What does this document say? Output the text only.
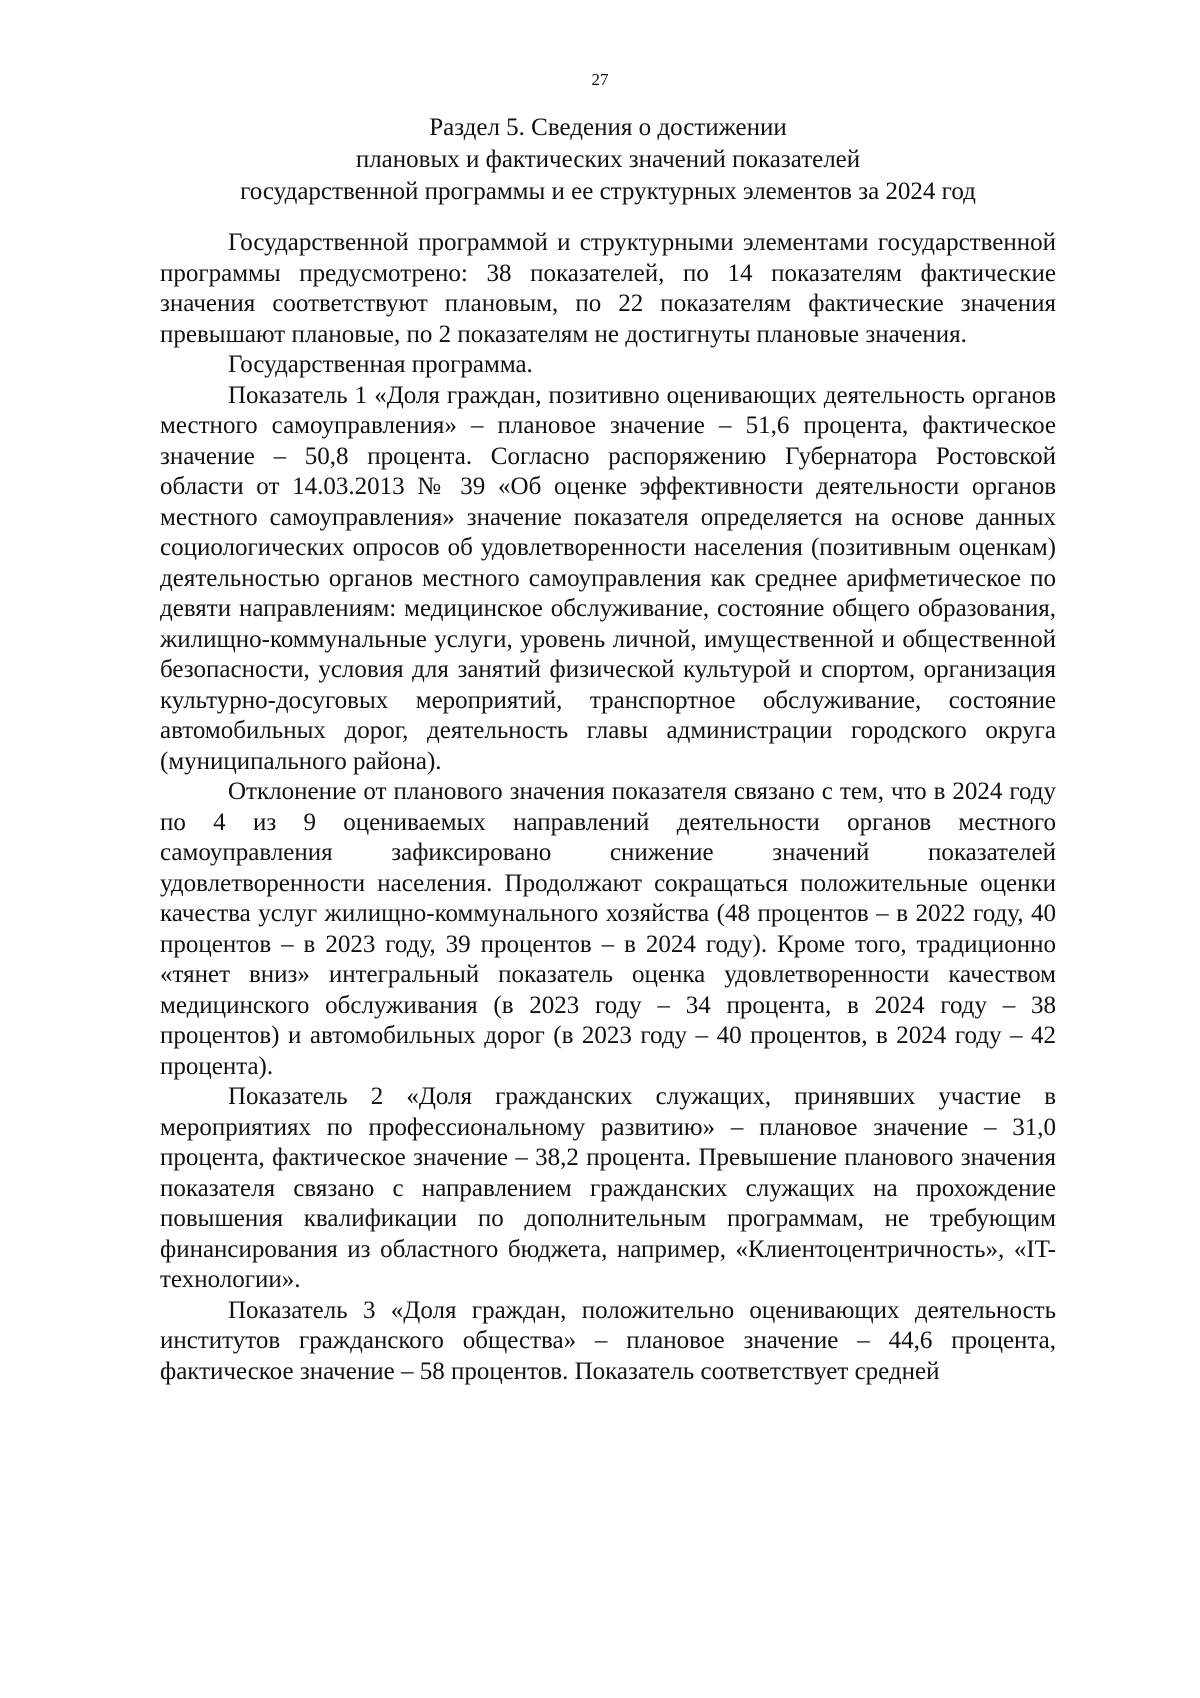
27
Раздел 5. Сведения о достижении
плановых и фактических значений показателей
государственной программы и ее структурных элементов за 2024 год

Государственной программой и структурными элементами государственной программы предусмотрено: 38 показателей, по 14 показателям фактические значения соответствуют плановым, по 22 показателям фактические значения превышают плановые, по 2 показателям не достигнуты плановые значения.

Государственная программа.

Показатель 1 «Доля граждан, позитивно оценивающих деятельность органов местного самоуправления» – плановое значение – 51,6 процента, фактическое значение – 50,8 процента. Согласно распоряжению Губернатора Ростовской области от 14.03.2013 № 39 «Об оценке эффективности деятельности органов местного самоуправления» значение показателя определяется на основе данных социологических опросов об удовлетворенности населения (позитивным оценкам) деятельностью органов местного самоуправления как среднее арифметическое по девяти направлениям: медицинское обслуживание, состояние общего образования, жилищно-коммунальные услуги, уровень личной, имущественной и общественной безопасности, условия для занятий физической культурой и спортом, организация культурно-досуговых мероприятий, транспортное обслуживание, состояние автомобильных дорог, деятельность главы администрации городского округа (муниципального района).

Отклонение от планового значения показателя связано с тем, что в 2024 году по 4 из 9 оцениваемых направлений деятельности органов местного самоуправления зафиксировано снижение значений показателей удовлетворенности населения. Продолжают сокращаться положительные оценки качества услуг жилищно-коммунального хозяйства (48 процентов – в 2022 году, 40 процентов – в 2023 году, 39 процентов – в 2024 году). Кроме того, традиционно «тянет вниз» интегральный показатель оценка удовлетворенности качеством медицинского обслуживания (в 2023 году – 34 процента, в 2024 году – 38 процентов) и автомобильных дорог (в 2023 году – 40 процентов, в 2024 году – 42 процента).

Показатель 2 «Доля гражданских служащих, принявших участие в мероприятиях по профессиональному развитию» – плановое значение – 31,0 процента, фактическое значение – 38,2 процента. Превышение планового значения показателя связано с направлением гражданских служащих на прохождение повышения квалификации по дополнительным программам, не требующим финансирования из областного бюджета, например, «Клиентоцентричность», «IT-технологии».

Показатель 3 «Доля граждан, положительно оценивающих деятельность институтов гражданского общества» – плановое значение – 44,6 процента, фактическое значение – 58 процентов. Показатель соответствует средней
